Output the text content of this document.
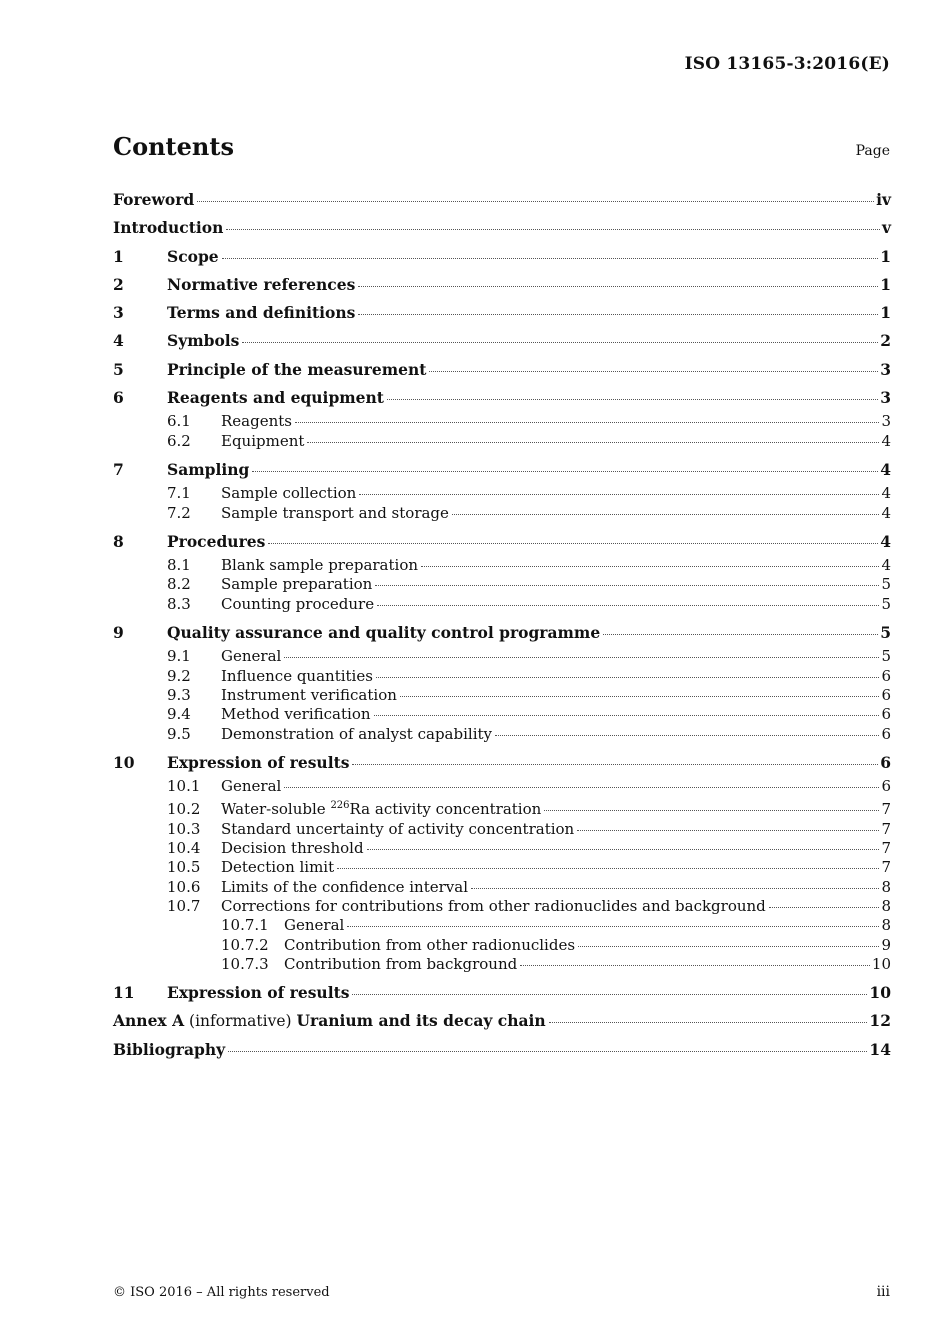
ISO 13165-3:2016(E)
Contents	Page
Foreword	iv
Introduction	v
1	Scope	1
2	Normative references	1
3	Terms and definitions	1
4	Symbols	2
5	Principle of the measurement	3
6	Reagents and equipment	3
6.1	Reagents	3
6.2	Equipment	4
7	Sampling	4
7.1	Sample collection	4
7.2	Sample transport and storage	4
8	Procedures	4
8.1	Blank sample preparation	4
8.2	Sample preparation	5
8.3	Counting procedure	5
9	Quality assurance and quality control programme	5
9.1	General	5
9.2	Influence quantities	6
9.3	Instrument verification	6
9.4	Method verification	6
9.5	Demonstration of analyst capability	6
10	Expression of results	6
10.1	General	6
10.2	Water-soluble $^{226}$Ra activity concentration	7
10.3	Standard uncertainty of activity concentration	7
10.4	Decision threshold	7
10.5	Detection limit	7
10.6	Limits of the confidence interval	8
10.7	Corrections for contributions from other radionuclides and background	8
10.7.1	General	8
10.7.2	Contribution from other radionuclides	9
10.7.3	Contribution from background	10
11	Expression of results	10
Annex A (informative) Uranium and its decay chain	12
Bibliography	14
© ISO 2016 – All rights reserved	iii
